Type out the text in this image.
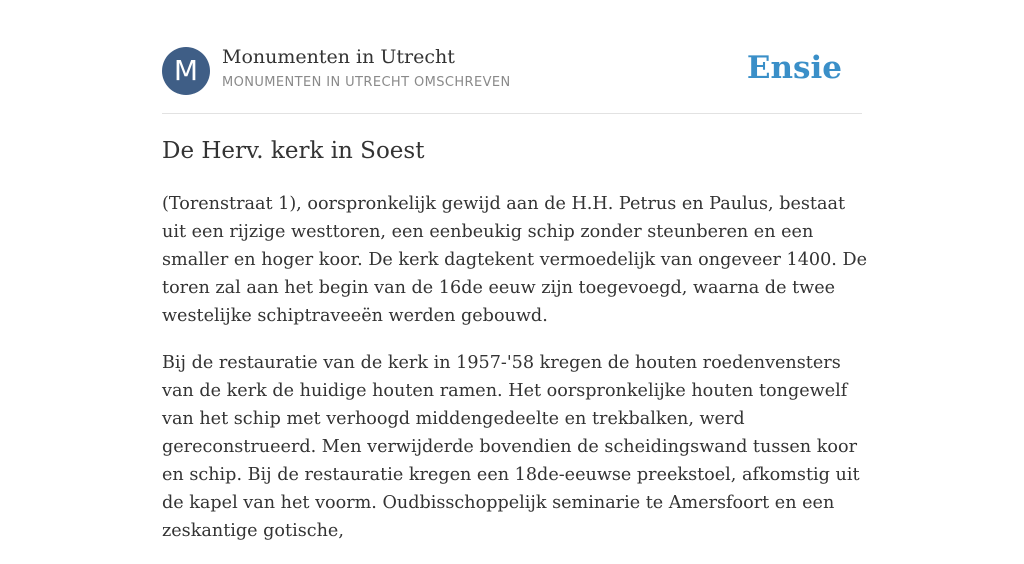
M	Monumenten in Utrecht
MONUMENTEN IN UTRECHT OMSCHREVEN	Ensie
De Herv. kerk in Soest

(Torenstraat 1), oorspronkelijk gewijd aan de H.H. Petrus en Paulus, bestaat uit een rijzige westtoren, een eenbeukig schip zonder steunberen en een smaller en hoger koor. De kerk dagtekent vermoedelijk van ongeveer 1400. De toren zal aan het begin van de 16de eeuw zijn toegevoegd, waarna de twee westelijke schiptraveeën werden gebouwd.

Bij de restauratie van de kerk in 1957-'58 kregen de houten roedenvensters van de kerk de huidige houten ramen. Het oorspronkelijke houten tongewelf van het schip met verhoogd middengedeelte en trekbalken, werd gereconstrueerd. Men verwijderde bovendien de scheidingswand tussen koor en schip. Bij de restauratie kregen een 18de-eeuwse preekstoel, afkomstig uit de kapel van het voorm. Oudbisschoppelijk seminarie te Amersfoort en een zeskantige gotische,
